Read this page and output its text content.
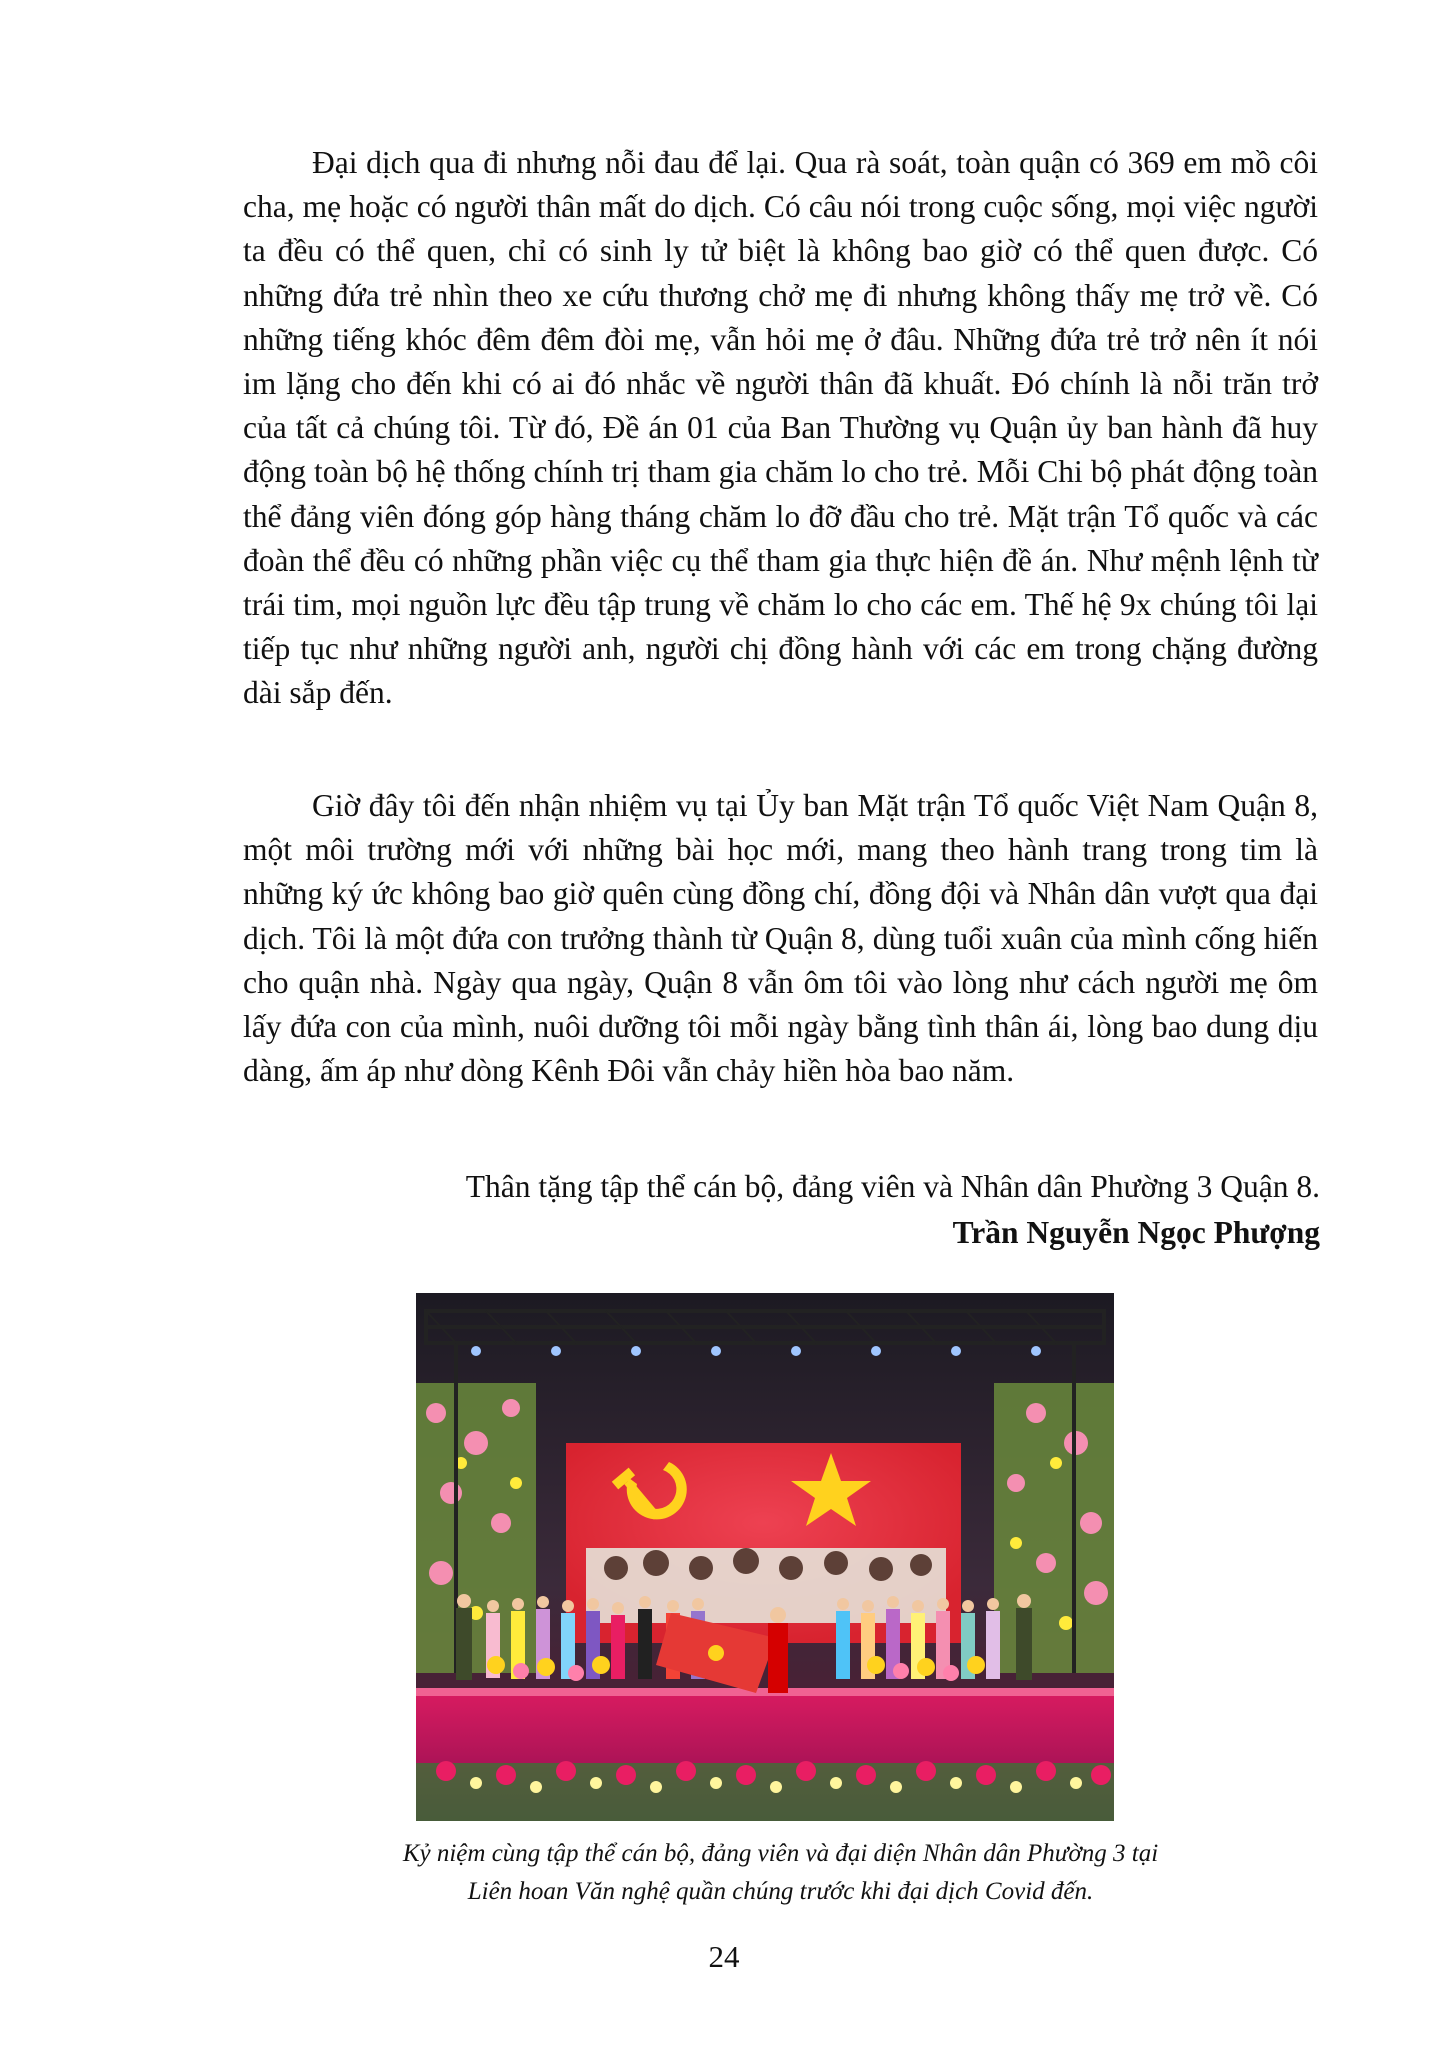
Đại dịch qua đi nhưng nỗi đau để lại. Qua rà soát, toàn quận có 369 em mồ côi cha, mẹ hoặc có người thân mất do dịch. Có câu nói trong cuộc sống, mọi việc người ta đều có thể quen, chỉ có sinh ly tử biệt là không bao giờ có thể quen được. Có những đứa trẻ nhìn theo xe cứu thương chở mẹ đi nhưng không thấy mẹ trở về. Có những tiếng khóc đêm đêm đòi mẹ, vẫn hỏi mẹ ở đâu. Những đứa trẻ trở nên ít nói im lặng cho đến khi có ai đó nhắc về người thân đã khuất. Đó chính là nỗi trăn trở của tất cả chúng tôi. Từ đó, Đề án 01 của Ban Thường vụ Quận ủy ban hành đã huy động toàn bộ hệ thống chính trị tham gia chăm lo cho trẻ. Mỗi Chi bộ phát động toàn thể đảng viên đóng góp hàng tháng chăm lo đỡ đầu cho trẻ. Mặt trận Tổ quốc và các đoàn thể đều có những phần việc cụ thể tham gia thực hiện đề án. Như mệnh lệnh từ trái tim, mọi nguồn lực đều tập trung về chăm lo cho các em. Thế hệ 9x chúng tôi lại tiếp tục như những người anh, người chị đồng hành với các em trong chặng đường dài sắp đến.

Giờ đây tôi đến nhận nhiệm vụ tại Ủy ban Mặt trận Tổ quốc Việt Nam Quận 8, một môi trường mới với những bài học mới, mang theo hành trang trong tim là những ký ức không bao giờ quên cùng đồng chí, đồng đội và Nhân dân vượt qua đại dịch. Tôi là một đứa con trưởng thành từ Quận 8, dùng tuổi xuân của mình cống hiến cho quận nhà. Ngày qua ngày, Quận 8 vẫn ôm tôi vào lòng như cách người mẹ ôm lấy đứa con của mình, nuôi dưỡng tôi mỗi ngày bằng tình thân ái, lòng bao dung dịu dàng, ấm áp như dòng Kênh Đôi vẫn chảy hiền hòa bao năm.

Thân tặng tập thể cán bộ, đảng viên và Nhân dân Phường 3 Quận 8.

Trần Nguyễn Ngọc Phượng

Kỷ niệm cùng tập thể cán bộ, đảng viên và đại diện Nhân dân Phường 3 tại
Liên hoan Văn nghệ quần chúng trước khi đại dịch Covid đến.

24
